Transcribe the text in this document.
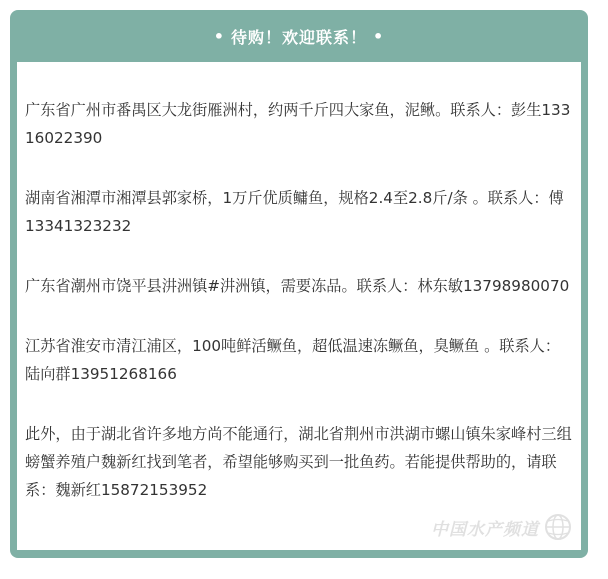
• 待购！欢迎联系！ •

广东省广州市番禺区大龙街雁洲村，约两千斤四大家鱼，泥鳅。联系人：彭生13316022390

湖南省湘潭市湘潭县郭家桥，1万斤优质鳙鱼，规格2.4至2.8斤/条 。联系人：傅13341323232

广东省潮州市饶平县汫洲镇#汫洲镇，需要冻品。联系人：林东敏13798980070

江苏省淮安市清江浦区，100吨鲜活鳜鱼，超低温速冻鳜鱼，臭鳜鱼 。联系人：陆向群13951268166

此外，由于湖北省许多地方尚不能通行，湖北省荆州市洪湖市螺山镇朱家峰村三组螃蟹养殖户魏新红找到笔者，希望能够购买到一批鱼药。若能提供帮助的，请联系：魏新红15872153952

中国水产频道
